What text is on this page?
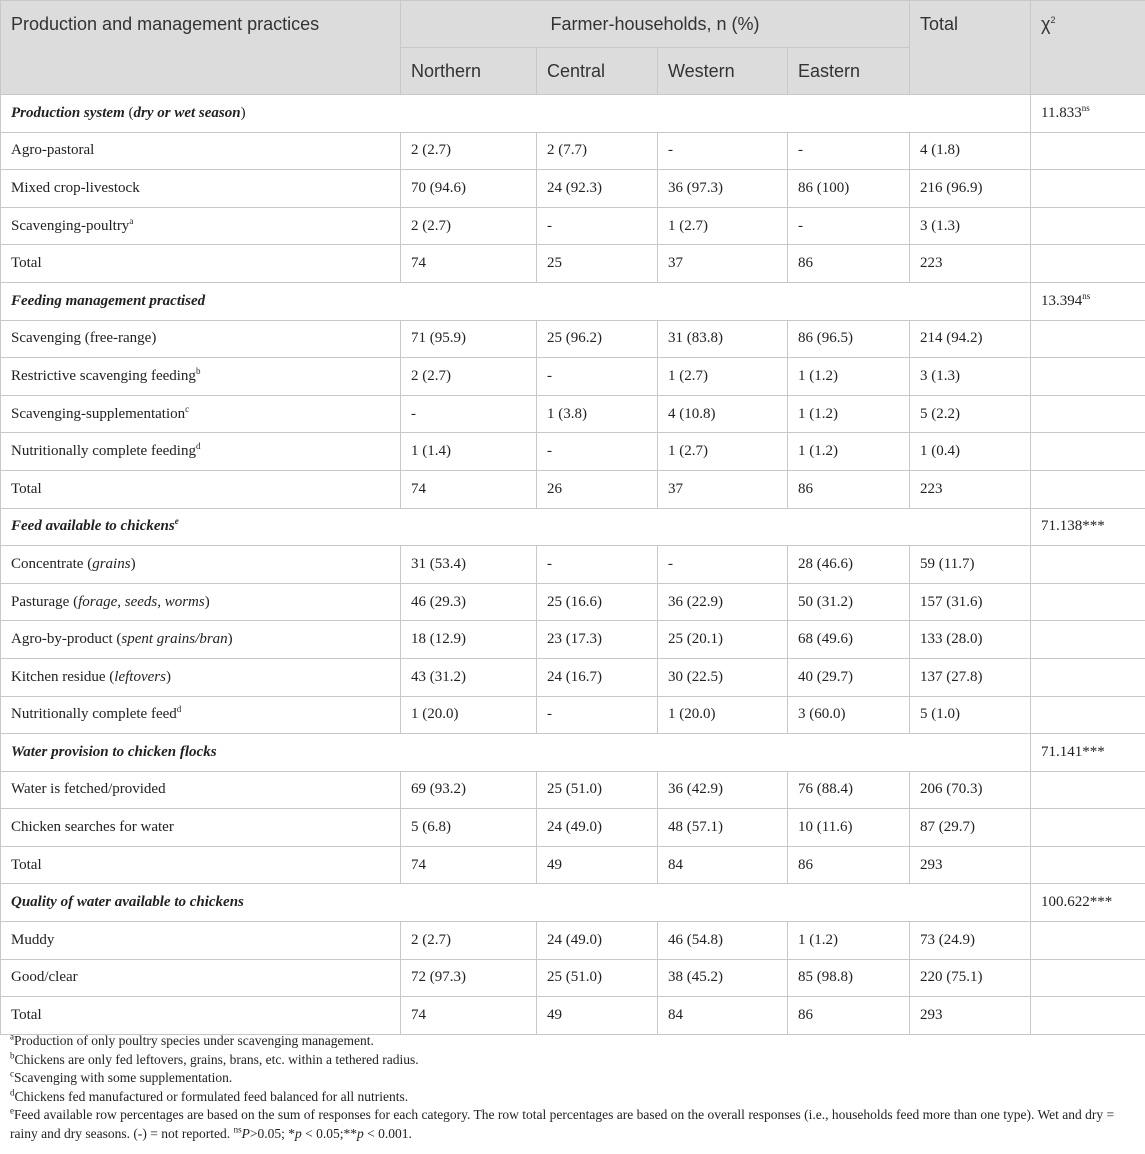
Production and management practices	Farmer-households, n (%)				Total	$\chi^2$
	Northern	Central	Western	Eastern		
Production system (dry or wet season)						$11.833^{ns}$
Agro-pastoral	2 (2.7)	2 (7.7)	-	-	4 (1.8)	
Mixed crop-livestock	70 (94.6)	24 (92.3)	36 (97.3)	86 (100)	216 (96.9)	
Scavenging-poultry$^a$	2 (2.7)	-	1 (2.7)	-	3 (1.3)	
Total	74	25	37	86	223	
Feeding management practised						$13.394^{ns}$
Scavenging (free-range)	71 (95.9)	25 (96.2)	31 (83.8)	86 (96.5)	214 (94.2)	
Restrictive scavenging feeding$^b$	2 (2.7)	-	1 (2.7)	1 (1.2)	3 (1.3)	
Scavenging-supplementation$^c$	-	1 (3.8)	4 (10.8)	1 (1.2)	5 (2.2)	
Nutritionally complete feeding$^d$	1 (1.4)	-	1 (2.7)	1 (1.2)	1 (0.4)	
Total	74	26	37	86	223	
Feed available to chickens$^e$						71.138***
Concentrate (grains)	31 (53.4)	-	-	28 (46.6)	59 (11.7)	
Pasturage (forage, seeds, worms)	46 (29.3)	25 (16.6)	36 (22.9)	50 (31.2)	157 (31.6)	
Agro-by-product (spent grains/bran)	18 (12.9)	23 (17.3)	25 (20.1)	68 (49.6)	133 (28.0)	
Kitchen residue (leftovers)	43 (31.2)	24 (16.7)	30 (22.5)	40 (29.7)	137 (27.8)	
Nutritionally complete feed$^d$	1 (20.0)	-	1 (20.0)	3 (60.0)	5 (1.0)	
Water provision to chicken flocks						71.141***
Water is fetched/provided	69 (93.2)	25 (51.0)	36 (42.9)	76 (88.4)	206 (70.3)	
Chicken searches for water	5 (6.8)	24 (49.0)	48 (57.1)	10 (11.6)	87 (29.7)	
Total	74	49	84	86	293	
Quality of water available to chickens						100.622***
Muddy	2 (2.7)	24 (49.0)	46 (54.8)	1 (1.2)	73 (24.9)	
Good/clear	72 (97.3)	25 (51.0)	38 (45.2)	85 (98.8)	220 (75.1)	
Total	74	49	84	86	293	
$^a$Production of only poultry species under scavenging management.
$^b$Chickens are only fed leftovers, grains, brans, etc. within a tethered radius.
$^c$Scavenging with some supplementation.
$^d$Chickens fed manufactured or formulated feed balanced for all nutrients.
$^e$Feed available row percentages are based on the sum of responses for each category. The row total percentages are based on the overall responses (i.e., households feed more than one type). Wet and dry = rainy and dry seasons. (-) = not reported. $^{ns}$P>0.05; *p < 0.05;**p < 0.001.
